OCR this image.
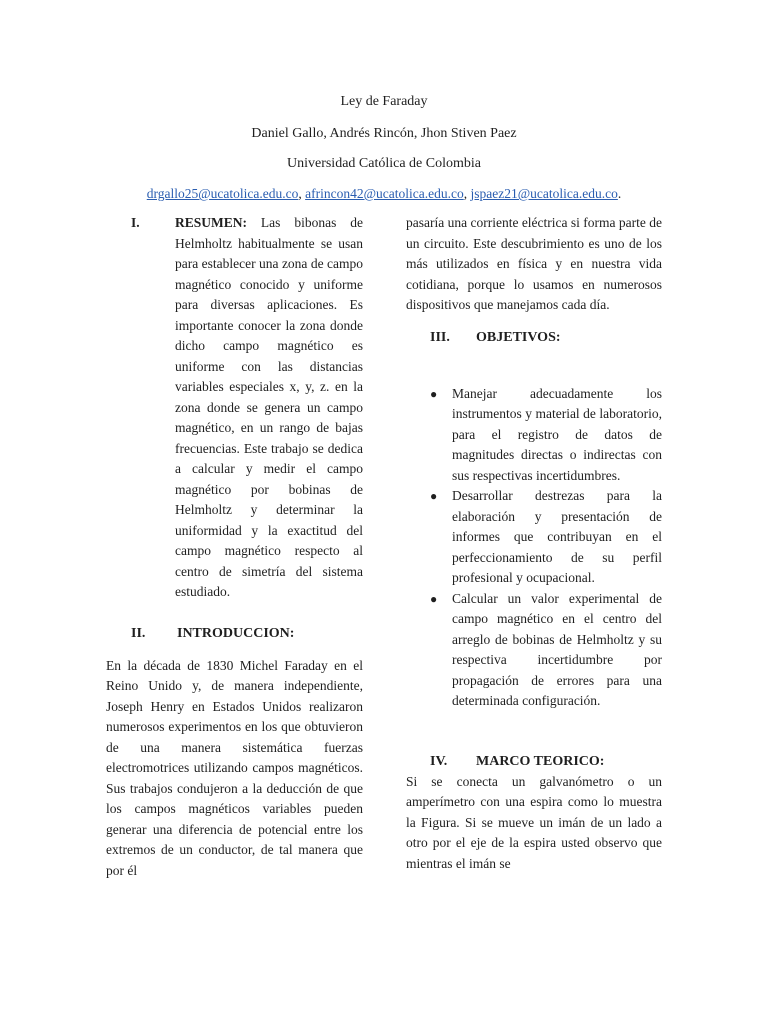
Ley de Faraday
Daniel Gallo, Andrés Rincón, Jhon Stiven Paez
Universidad Católica de Colombia
drgallo25@ucatolica.edu.co, afrincon42@ucatolica.edu.co, jspaez21@ucatolica.edu.co.
I.	RESUMEN: Las bibonas de Helmholtz habitualmente se usan para establecer una zona de campo magnético conocido y uniforme para diversas aplicaciones. Es importante conocer la zona donde dicho campo magnético es uniforme con las distancias variables especiales x, y, z. en la zona donde se genera un campo magnético, en un rango de bajas frecuencias. Este trabajo se dedica a calcular y medir el campo magnético por bobinas de Helmholtz y determinar la uniformidad y la exactitud del campo magnético respecto al centro de simetría del sistema estudiado.
II.	INTRODUCCION:

En la década de 1830 Michel Faraday en el Reino Unido y, de manera independiente, Joseph Henry en Estados Unidos realizaron numerosos experimentos en los que obtuvieron de una manera sistemática fuerzas electromotrices utilizando campos magnéticos. Sus trabajos condujeron a la deducción de que los campos magnéticos variables pueden generar una diferencia de potencial entre los extremos de un conductor, de tal manera que por él

pasaría una corriente eléctrica si forma parte de un circuito. Este descubrimiento es uno de los más utilizados en física y en nuestra vida cotidiana, porque lo usamos en numerosos dispositivos que manejamos cada día.

III.	OBJETIVOS:
● Manejar adecuadamente los instrumentos y material de laboratorio, para el registro de datos de magnitudes directas o indirectas con sus respectivas incertidumbres.
● Desarrollar destrezas para la elaboración y presentación de informes que contribuyan en el perfeccionamiento de su perfil profesional y ocupacional.
● Calcular un valor experimental de campo magnético en el centro del arreglo de bobinas de Helmholtz y su respectiva incertidumbre por propagación de errores para una determinada configuración.
IV.	MARCO TEORICO:

Si se conecta un galvanómetro o un amperímetro con una espira como lo muestra la Figura. Si se mueve un imán de un lado a otro por el eje de la espira usted observo que mientras el imán se
